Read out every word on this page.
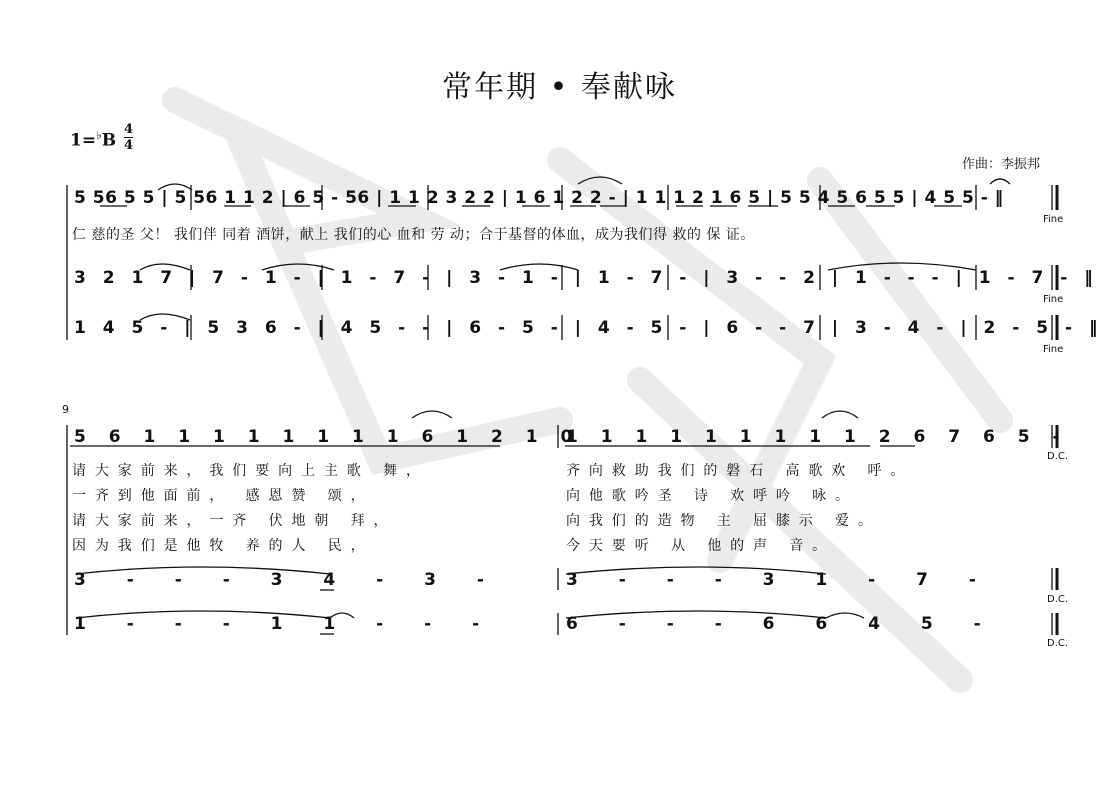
常年期 • 奉献咏
1=♭B
4
4
作曲：李振邦
5 56 5 5 | 5 56 1 1 2 | 6 5 - 56 | 1 1 2 3 2 2 | 1 6 1 2 2 - | 1 1 1 2 1 6 5 | 5 5 4 5 6 5 5 | 4 5 5 - ‖
仁 慈的圣 父！ 我们伴 同着 酒饼，献上 我们的心 血和 劳 动；合于基督的体血，成为我们得 救的 保 证。
3 2 1 7 | 7 - 1 - | 1 - 7 - | 3 - 1 - | 1 - 7 - | 3 - - 2 | 1 - - - | 1 - 7 - ‖
1 4 5 - | 5 3 6 - | 4 5 - - | 6 - 5 - | 4 - 5 - | 6 - - 7 | 3 - 4 - | 2 - 5 - ‖
Fine
Fine
Fine
9
5 6 1 1 1 1 1 1 1 1 6 1 2 1 0
1 1 1 1 1 1 1 1 1 2 6 7 6 5 -
请大家前来，我们要向上主歌 舞，	齐向救助我们的磐石 高歌欢 呼。
一齐到他面前， 感恩赞 颂，	向他歌吟圣 诗 欢呼吟 咏。
请大家前来，一齐 伏地朝 拜，	向我们的造物 主 屈膝示 爱。
因为我们是他牧 养的人 民，	今天要听 从 他的声 音。
3 - - - 3 4 - 3 -	3 - - - 3 1 - 7 -
1 - - - 1 1 - - -	6 - - - 6 6 4 5 -
D.C.
D.C.
D.C.
